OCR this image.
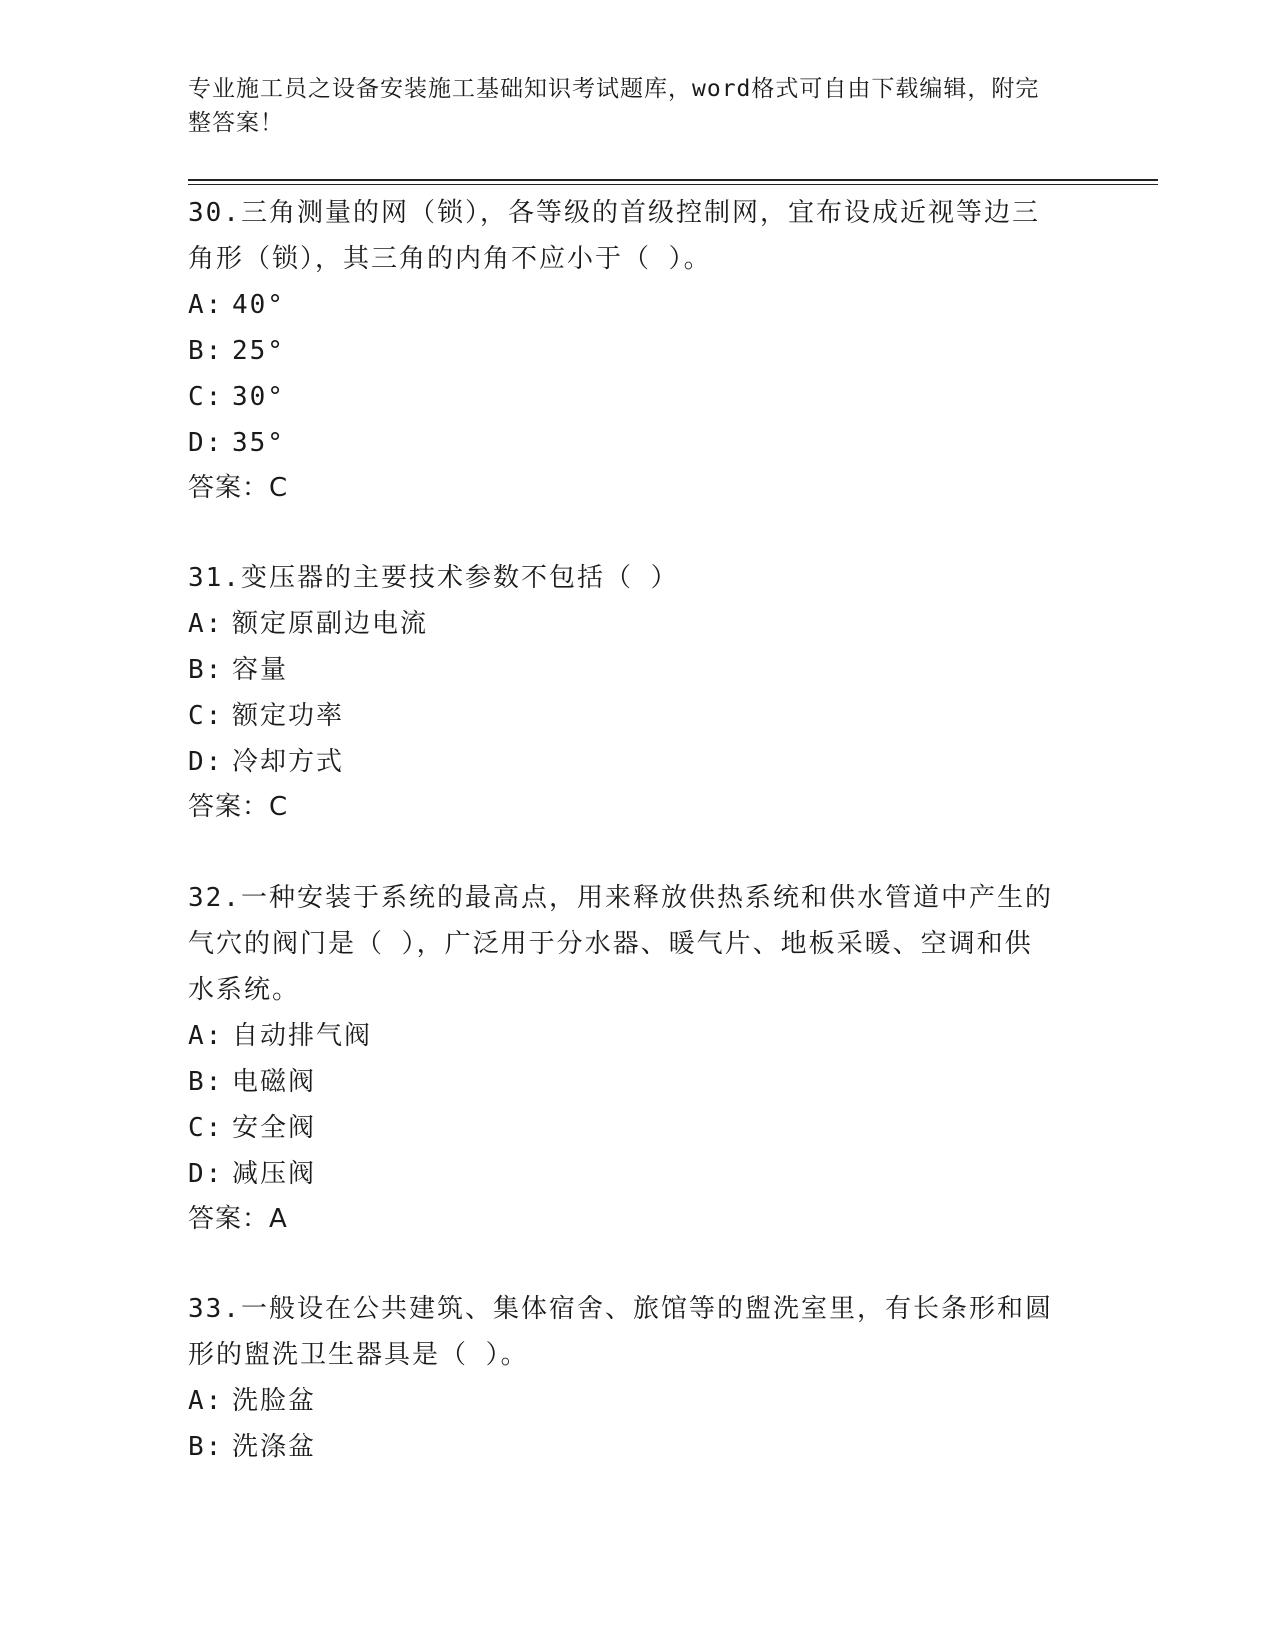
专业施工员之设备安装施工基础知识考试题库，word格式可自由下载编辑，附完
整答案！

30.三角测量的网（锁），各等级的首级控制网，宜布设成近视等边三

角形（锁），其三角的内角不应小于（ ）。

A: 40°

B: 25°

C: 30°

D: 35°

答案：C

31.变压器的主要技术参数不包括（ ）

A: 额定原副边电流

B: 容量

C: 额定功率

D: 冷却方式

答案：C

32.一种安装于系统的最高点，用来释放供热系统和供水管道中产生的

气穴的阀门是（ ），广泛用于分水器、暖气片、地板采暖、空调和供

水系统。

A: 自动排气阀

B: 电磁阀

C: 安全阀

D: 减压阀

答案：A

33.一般设在公共建筑、集体宿舍、旅馆等的盥洗室里，有长条形和圆

形的盥洗卫生器具是（ ）。

A: 洗脸盆

B: 洗涤盆
